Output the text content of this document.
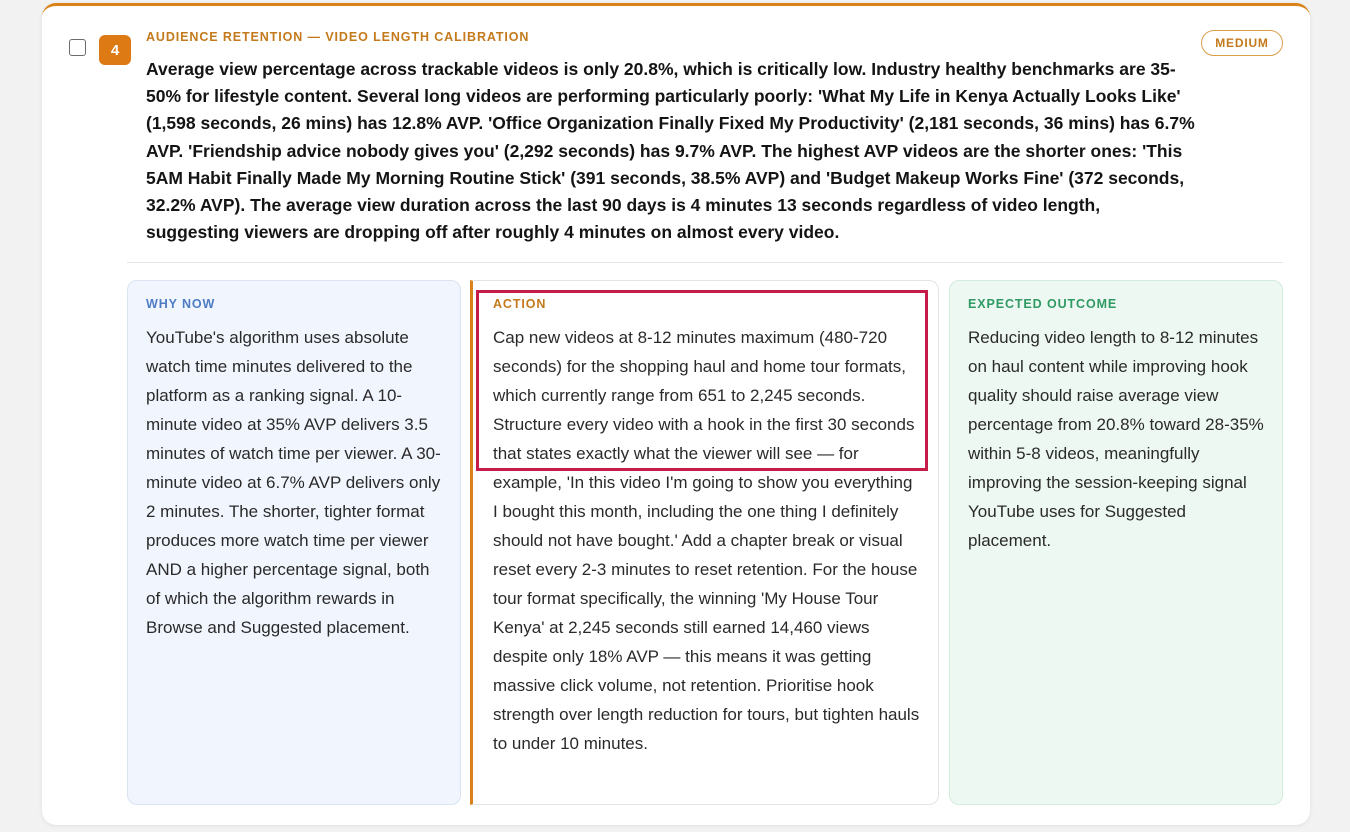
4
AUDIENCE RETENTION — VIDEO LENGTH CALIBRATION	MEDIUM
Average view percentage across trackable videos is only 20.8%, which is critically low. Industry healthy benchmarks are 35-50% for lifestyle content. Several long videos are performing particularly poorly: 'What My Life in Kenya Actually Looks Like' (1,598 seconds, 26 mins) has 12.8% AVP. 'Office Organization Finally Fixed My Productivity' (2,181 seconds, 36 mins) has 6.7% AVP. 'Friendship advice nobody gives you' (2,292 seconds) has 9.7% AVP. The highest AVP videos are the shorter ones: 'This 5AM Habit Finally Made My Morning Routine Stick' (391 seconds, 38.5% AVP) and 'Budget Makeup Works Fine' (372 seconds, 32.2% AVP). The average view duration across the last 90 days is 4 minutes 13 seconds regardless of video length, suggesting viewers are dropping off after roughly 4 minutes on almost every video.
WHY NOW
YouTube's algorithm uses absolute watch time minutes delivered to the platform as a ranking signal. A 10-minute video at 35% AVP delivers 3.5 minutes of watch time per viewer. A 30-minute video at 6.7% AVP delivers only 2 minutes. The shorter, tighter format produces more watch time per viewer AND a higher percentage signal, both of which the algorithm rewards in Browse and Suggested placement.
ACTION
Cap new videos at 8-12 minutes maximum (480-720 seconds) for the shopping haul and home tour formats, which currently range from 651 to 2,245 seconds. Structure every video with a hook in the first 30 seconds that states exactly what the viewer will see — for example, 'In this video I'm going to show you everything I bought this month, including the one thing I definitely should not have bought.' Add a chapter break or visual reset every 2-3 minutes to reset retention. For the house tour format specifically, the winning 'My House Tour Kenya' at 2,245 seconds still earned 14,460 views despite only 18% AVP — this means it was getting massive click volume, not retention. Prioritise hook strength over length reduction for tours, but tighten hauls to under 10 minutes.
EXPECTED OUTCOME
Reducing video length to 8-12 minutes on haul content while improving hook quality should raise average view percentage from 20.8% toward 28-35% within 5-8 videos, meaningfully improving the session-keeping signal YouTube uses for Suggested placement.
